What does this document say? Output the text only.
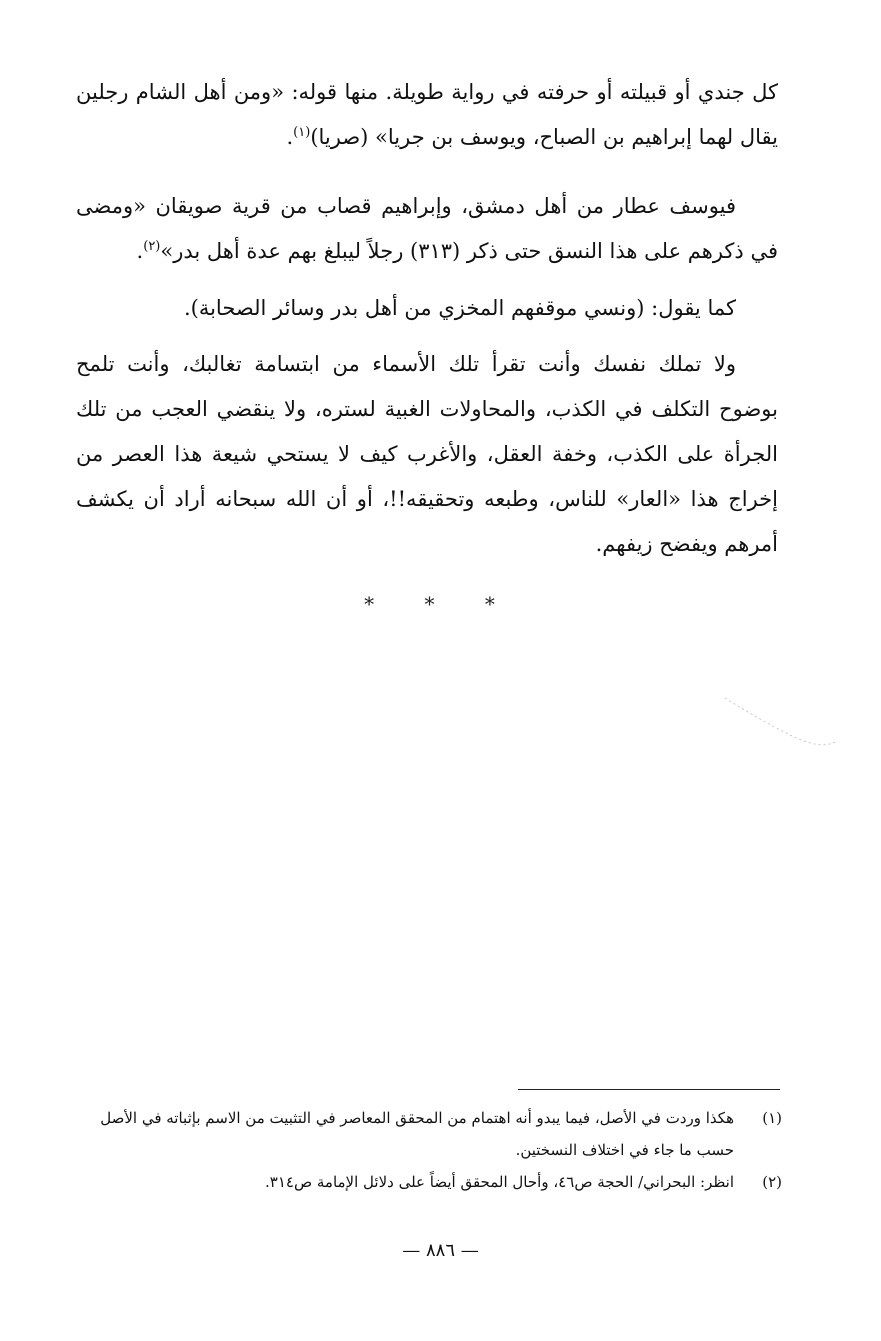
كل جندي أو قبيلته أو حرفته في رواية طويلة. منها قوله: «ومن أهل الشام رجلين يقال لهما إبراهيم بن الصباح، ويوسف بن جريا» (صريا)$^{(١)}$.

فيوسف عطار من أهل دمشق، وإبراهيم قصاب من قرية صويقان «ومضى في ذكرهم على هذا النسق حتى ذكر (٣١٣) رجلاً ليبلغ بهم عدة أهل بدر»$^{(٢)}$.

كما يقول: (ونسي موقفهم المخزي من أهل بدر وسائر الصحابة).

ولا تملك نفسك وأنت تقرأ تلك الأسماء من ابتسامة تغالبك، وأنت تلمح بوضوح التكلف في الكذب، والمحاولات الغبية لستره، ولا ينقضي العجب من تلك الجرأة على الكذب، وخفة العقل، والأغرب كيف لا يستحي شيعة هذا العصر من إخراج هذا «العار» للناس، وطبعه وتحقيقه!!، أو أن الله سبحانه أراد أن يكشف أمرهم ويفضح زيفهم.

* * *
(١)
هكذا وردت في الأصل، فيما يبدو أنه اهتمام من المحقق المعاصر في التثبيت من الاسم بإثباته في الأصل حسب ما جاء في اختلاف النسختين.
(٢)
انظر: البحراني/ الحجة ص٤٦، وأحال المحقق أيضاً على دلائل الإمامة ص٣١٤.
— ٨٨٦ —
